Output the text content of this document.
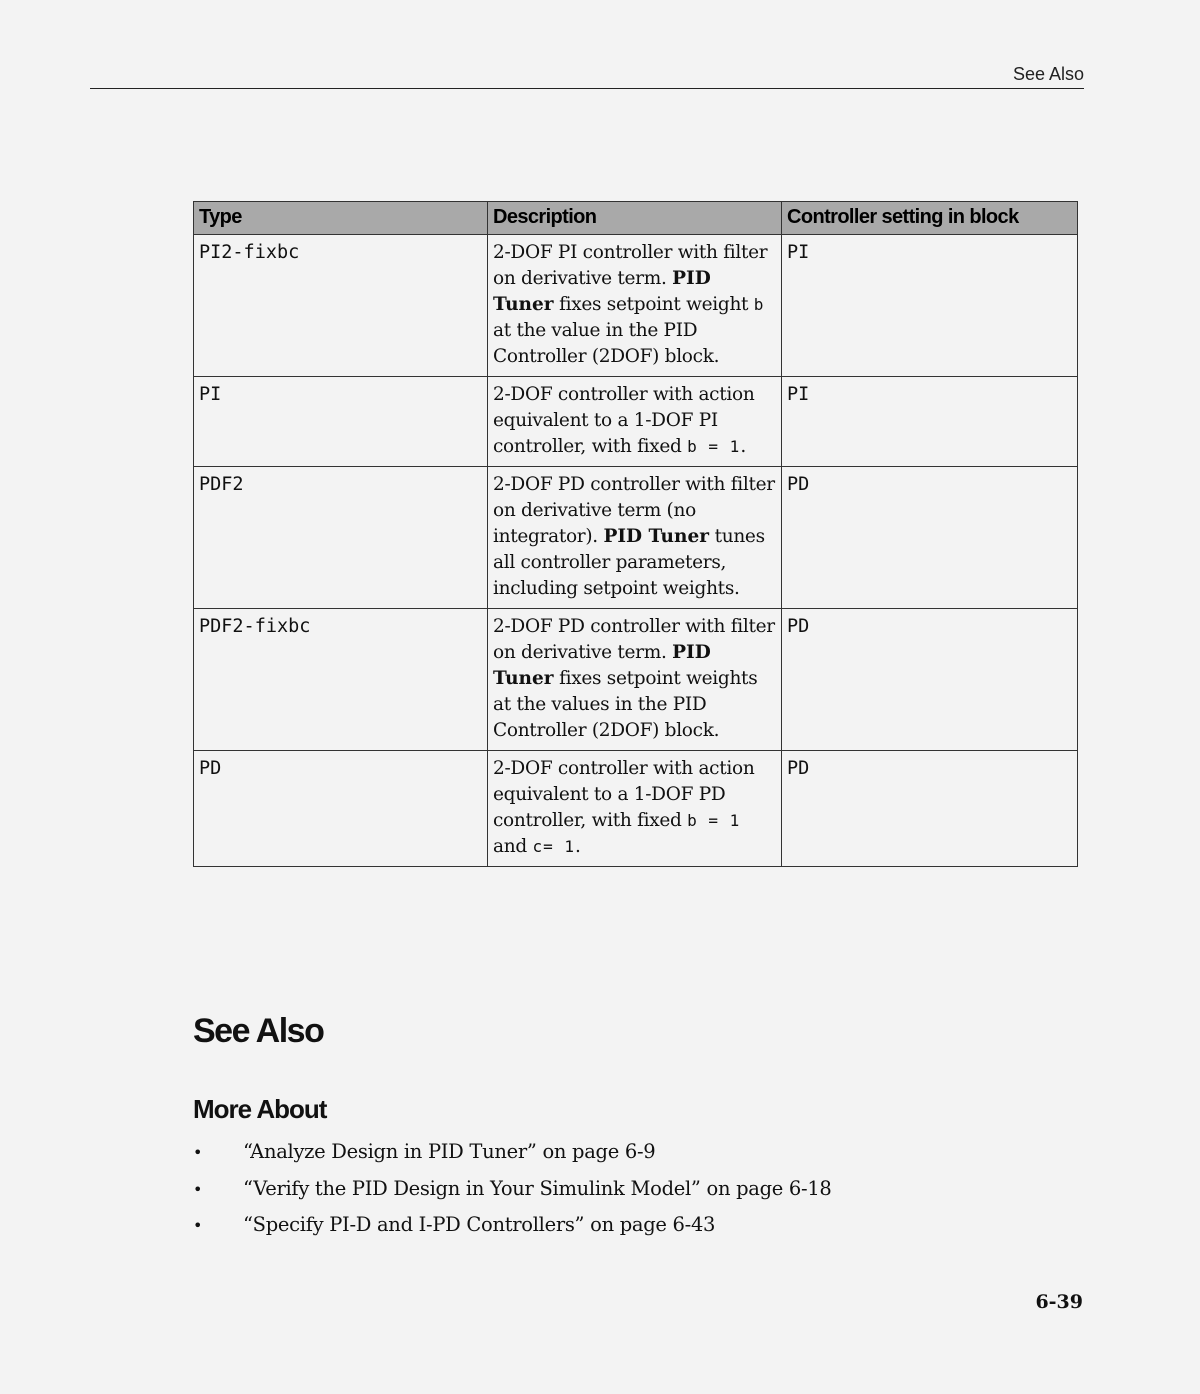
See Also
Type	Description	Controller setting in block
PI2-fixbc	2-DOF PI controller with filter on derivative term. PID Tuner fixes setpoint weight b at the value in the PID Controller (2DOF) block.	PI
PI	2-DOF controller with action equivalent to a 1-DOF PI controller, with fixed b = 1.	PI
PDF2	2-DOF PD controller with filter on derivative term (no integrator). PID Tuner tunes all controller parameters, including setpoint weights.	PD
PDF2-fixbc	2-DOF PD controller with filter on derivative term. PID Tuner fixes setpoint weights at the values in the PID Controller (2DOF) block.	PD
PD	2-DOF controller with action equivalent to a 1-DOF PD controller, with fixed b = 1 and c= 1.	PD
See Also
More About
• “Analyze Design in PID Tuner” on page 6-9
• “Verify the PID Design in Your Simulink Model” on page 6-18
• “Specify PI-D and I-PD Controllers” on page 6-43
6-39
